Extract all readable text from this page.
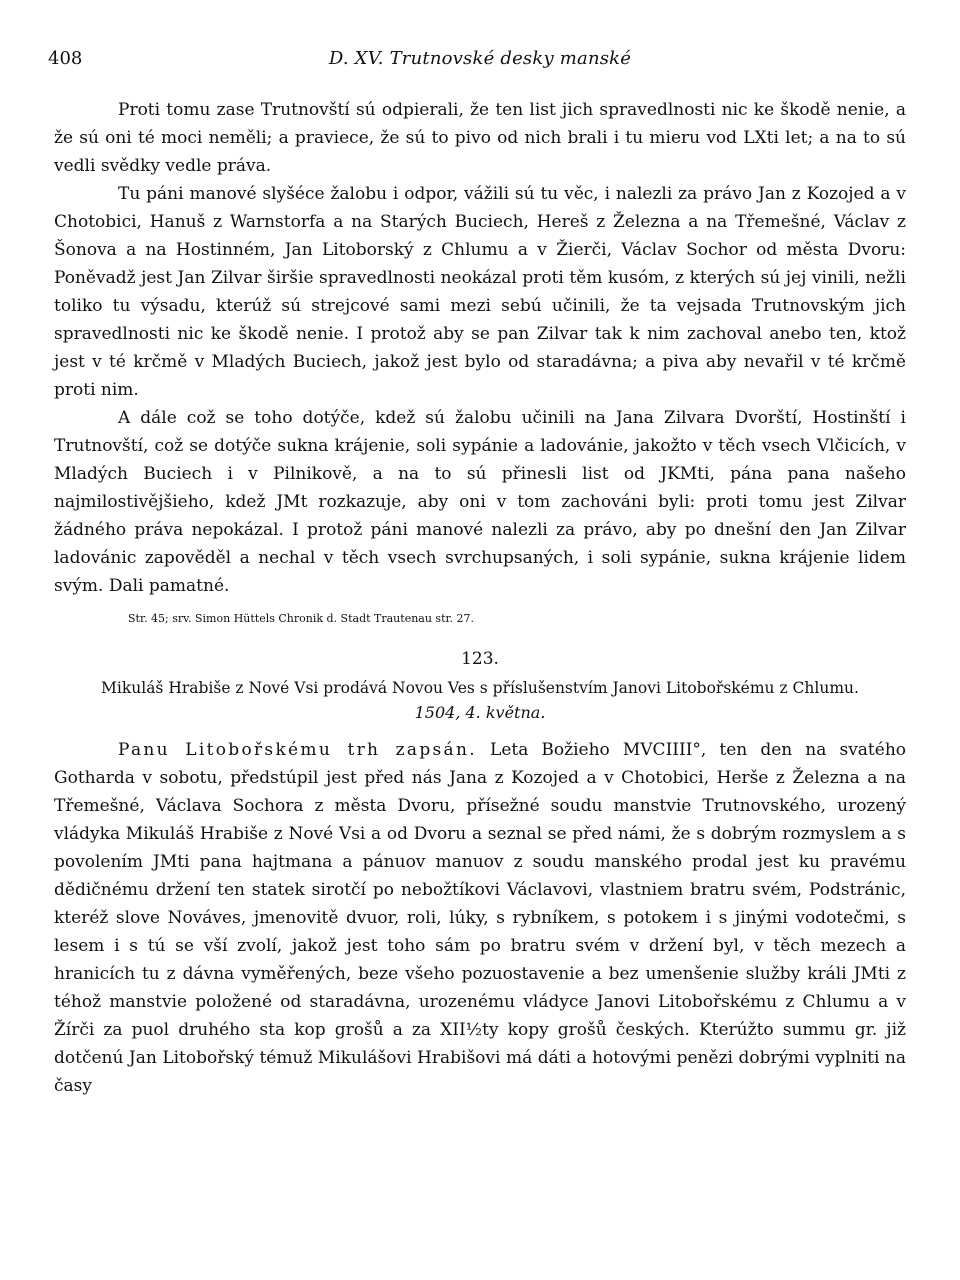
408	D. XV. Trutnovské desky manské

Proti tomu zase Trutnovští sú odpierali, že ten list jich spravedlnosti nic ke škodě nenie, a že sú oni té moci neměli; a praviece, že sú to pivo od nich brali i tu mieru vod LXti let; a na to sú vedli svědky vedle práva.

Tu páni manové slyšéce žalobu i odpor, vážili sú tu věc, i nalezli za právo Jan z Kozojed a v Chotobici, Hanuš z Warnstorfa a na Starých Buciech, Hereš z Železna a na Třemešné, Václav z Šonova a na Hostinném, Jan Litoborský z Chlumu a v Žierči, Václav Sochor od města Dvoru: Poněvadž jest Jan Zilvar širšie spravedlnosti neokázal proti těm kusóm, z kterých sú jej vinili, nežli toliko tu výsadu, kterúž sú strejcové sami mezi sebú učinili, že ta vejsada Trutnovským jich spravedlnosti nic ke škodě nenie. I protož aby se pan Zilvar tak k nim zachoval anebo ten, ktož jest v té krčmě v Mladých Buciech, jakož jest bylo od staradávna; a piva aby nevařil v té krčmě proti nim.

A dále což se toho dotýče, kdež sú žalobu učinili na Jana Zilvara Dvorští, Hostinští i Trutnovští, což se dotýče sukna krájenie, soli sypánie a ladovánie, jakožto v těch vsech Vlčicích, v Mladých Buciech i v Pilnikově, a na to sú přinesli list od JKMti, pána pana našeho najmilostivějšieho, kdež JMt rozkazuje, aby oni v tom zachováni byli: proti tomu jest Zilvar žádného práva nepokázal. I protož páni manové nalezli za právo, aby po dnešní den Jan Zilvar ladovánic zapověděl a nechal v těch vsech svrchupsaných, i soli sypánie, sukna krájenie lidem svým. Dali pamatné.

Str. 45; srv. Simon Hüttels Chronik d. Stadt Trautenau str. 27.
123.
Mikuláš Hrabiše z Nové Vsi prodává Novou Ves s příslušenstvím Janovi Litobořskému z Chlumu.
1504, 4. května.

Panu Litobořskému trh zapsán. Leta Božieho MVCIIII°, ten den na svatého Gotharda v sobotu, předstúpil jest před nás Jana z Kozojed a v Chotobici, Herše z Železna a na Třemešné, Václava Sochora z města Dvoru, přísežné soudu manstvie Trutnovského, urozený vládyka Mikuláš Hrabiše z Nové Vsi a od Dvoru a seznal se před námi, že s dobrým rozmyslem a s povolením JMti pana hajtmana a pánuov manuov z soudu manského prodal jest ku pravému dědičnému držení ten statek sirotčí po nebožtíkovi Václavovi, vlastniem bratru svém, Podstránic, kteréž slove Nováves, jmenovitě dvuor, roli, lúky, s rybníkem, s potokem i s jinými vodotečmi, s lesem i s tú se vší zvolí, jakož jest toho sám po bratru svém v držení byl, v těch mezech a hranicích tu z dávna vyměřených, beze všeho pozuostavenie a bez umenšenie služby králi JMti z téhož manstvie položené od staradávna, urozenému vládyce Janovi Litobořskému z Chlumu a v Žírči za puol druhého sta kop grošů a za XII½ty kopy grošů českých. Kterúžto summu gr. již dotčenú Jan Litobořský témuž Mikulášovi Hrabišovi má dáti a hotovými penězi dobrými vyplniti na časy
